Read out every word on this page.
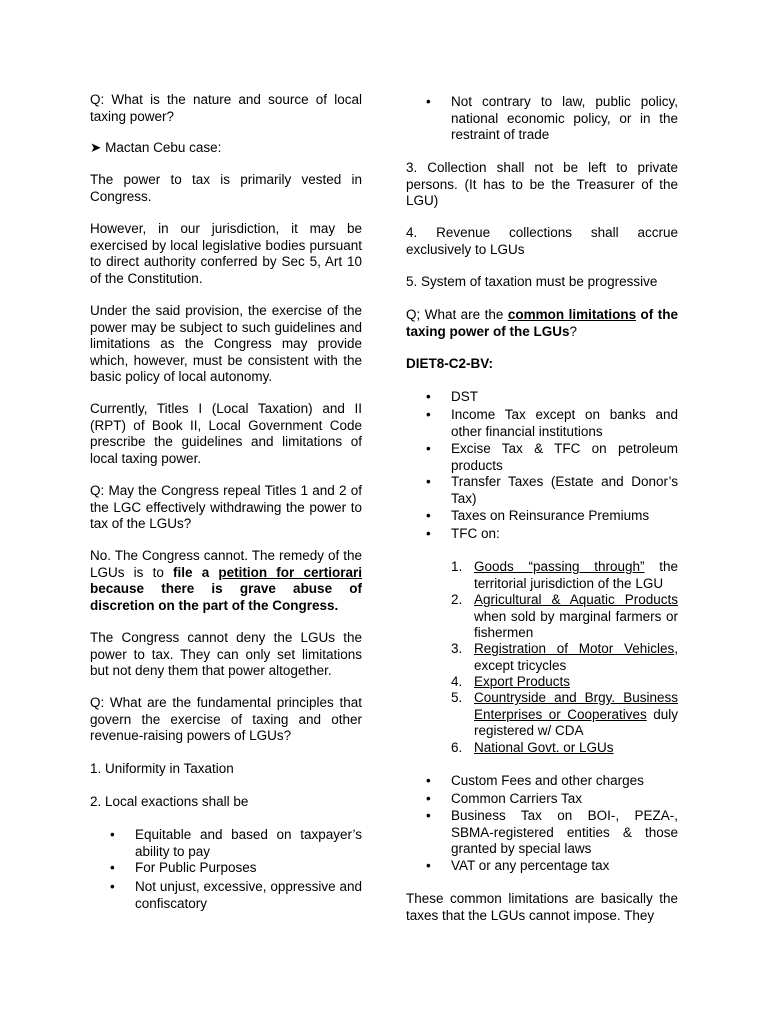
Q: What is the nature and source of local taxing power?

➤ Mactan Cebu case:

The power to tax is primarily vested in Congress.

However, in our jurisdiction, it may be exercised by local legislative bodies pursuant to direct authority conferred by Sec 5, Art 10 of the Constitution.

Under the said provision, the exercise of the power may be subject to such guidelines and limitations as the Congress may provide which, however, must be consistent with the basic policy of local autonomy.

Currently, Titles I (Local Taxation) and II (RPT) of Book II, Local Government Code prescribe the guidelines and limitations of local taxing power.

Q: May the Congress repeal Titles 1 and 2 of the LGC effectively withdrawing the power to tax of the LGUs?

No. The Congress cannot. The remedy of the LGUs is to file a petition for certiorari because there is grave abuse of discretion on the part of the Congress.

The Congress cannot deny the LGUs the power to tax. They can only set limitations but not deny them that power altogether.

Q: What are the fundamental principles that govern the exercise of taxing and other revenue-raising powers of LGUs?

1. Uniformity in Taxation

2. Local exactions shall be

• Equitable and based on taxpayer’s ability to pay

• For Public Purposes

• Not unjust, excessive, oppressive and confiscatory

• Not contrary to law, public policy, national economic policy, or in the restraint of trade

3. Collection shall not be left to private persons. (It has to be the Treasurer of the LGU)

4. Revenue collections shall accrue exclusively to LGUs

5. System of taxation must be progressive

Q; What are the common limitations of the taxing power of the LGUs?

DIET8-C2-BV:

• DST

• Income Tax except on banks and other financial institutions

• Excise Tax & TFC on petroleum products

• Transfer Taxes (Estate and Donor’s Tax)

• Taxes on Reinsurance Premiums

• TFC on:

1. Goods “passing through” the territorial jurisdiction of the LGU

2. Agricultural & Aquatic Products when sold by marginal farmers or fishermen

3. Registration of Motor Vehicles, except tricycles

4. Export Products

5. Countryside and Brgy. Business Enterprises or Cooperatives duly registered w/ CDA

6. National Govt. or LGUs

• Custom Fees and other charges

• Common Carriers Tax

• Business Tax on BOI-, PEZA-, SBMA-registered entities & those granted by special laws

• VAT or any percentage tax

These common limitations are basically the taxes that the LGUs cannot impose. They
